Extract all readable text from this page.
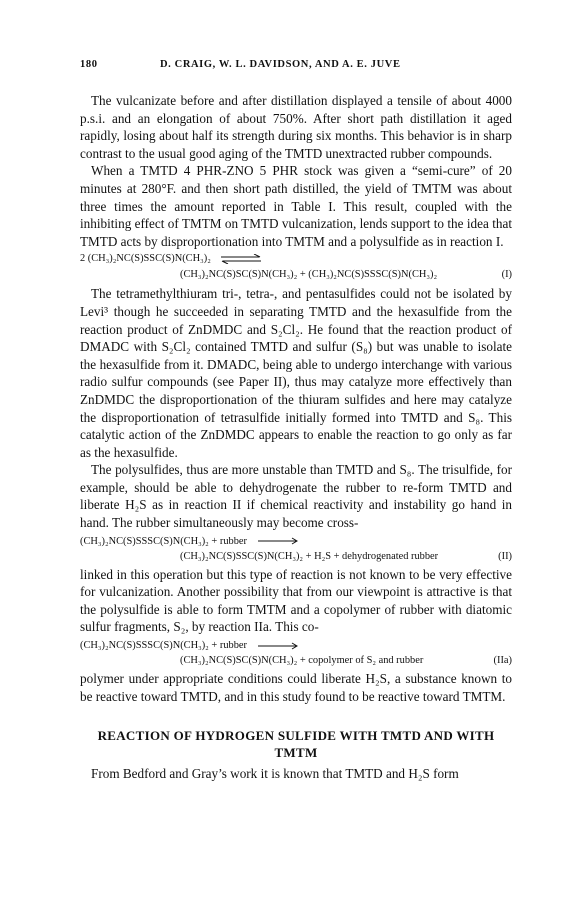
180	D. CRAIG, W. L. DAVIDSON, AND A. E. JUVE

The vulcanizate before and after distillation displayed a tensile of about 4000 p.s.i. and an elongation of about 750%. After short path distillation it aged rapidly, losing about half its strength during six months. This behavior is in sharp contrast to the usual good aging of the TMTD unextracted rubber compounds.

When a TMTD 4 PHR-ZNO 5 PHR stock was given a “semi-cure” of 20 minutes at 280°F. and then short path distilled, the yield of TMTM was about three times the amount reported in Table I. This result, coupled with the inhibiting effect of TMTM on TMTD vulcanization, lends support to the idea that TMTD acts by disproportionation into TMTM and a polysulfide as in reaction I.

2 (CH₃)₂NC(S)SSC(S)N(CH₃)₂
(CH₃)₂NC(S)SC(S)N(CH₃)₂ + (CH₃)₂NC(S)SSSC(S)N(CH₃)₂	(I)

The tetramethylthiuram tri-, tetra-, and pentasulfides could not be isolated by Levi³ though he succeeded in separating TMTD and the hexasulfide from the reaction product of ZnDMDC and S₂Cl₂. He found that the reaction product of DMADC with S₂Cl₂ contained TMTD and sulfur (S₈) but was unable to isolate the hexasulfide from it. DMADC, being able to undergo interchange with various radio sulfur compounds (see Paper II), thus may catalyze more effectively than ZnDMDC the disproportionation of the thiuram sulfides and here may catalyze the disproportionation of tetrasulfide initially formed into TMTD and S₈. This catalytic action of the ZnDMDC appears to enable the reaction to go only as far as the hexasulfide.

The polysulfides, thus are more unstable than TMTD and S₈. The trisulfide, for example, should be able to dehydrogenate the rubber to re-form TMTD and liberate H₂S as in reaction II if chemical reactivity and instability go hand in hand. The rubber simultaneously may become cross-

(CH₃)₂NC(S)SSSC(S)N(CH₃)₂ + rubber
(CH₃)₂NC(S)SSC(S)N(CH₃)₂ + H₂S + dehydrogenated rubber	(II)

linked in this operation but this type of reaction is not known to be very effective for vulcanization. Another possibility that from our viewpoint is attractive is that the polysulfide is able to form TMTM and a copolymer of rubber with diatomic sulfur fragments, S₂, by reaction IIa. This co-

(CH₃)₂NC(S)SSSC(S)N(CH₃)₂ + rubber
(CH₃)₂NC(S)SC(S)N(CH₃)₂ + copolymer of S₂ and rubber	(IIa)

polymer under appropriate conditions could liberate H₂S, a substance known to be reactive toward TMTD, and in this study found to be reactive toward TMTM.

REACTION OF HYDROGEN SULFIDE WITH TMTD AND WITH TMTM

From Bedford and Gray’s work it is known that TMTD and H₂S form
